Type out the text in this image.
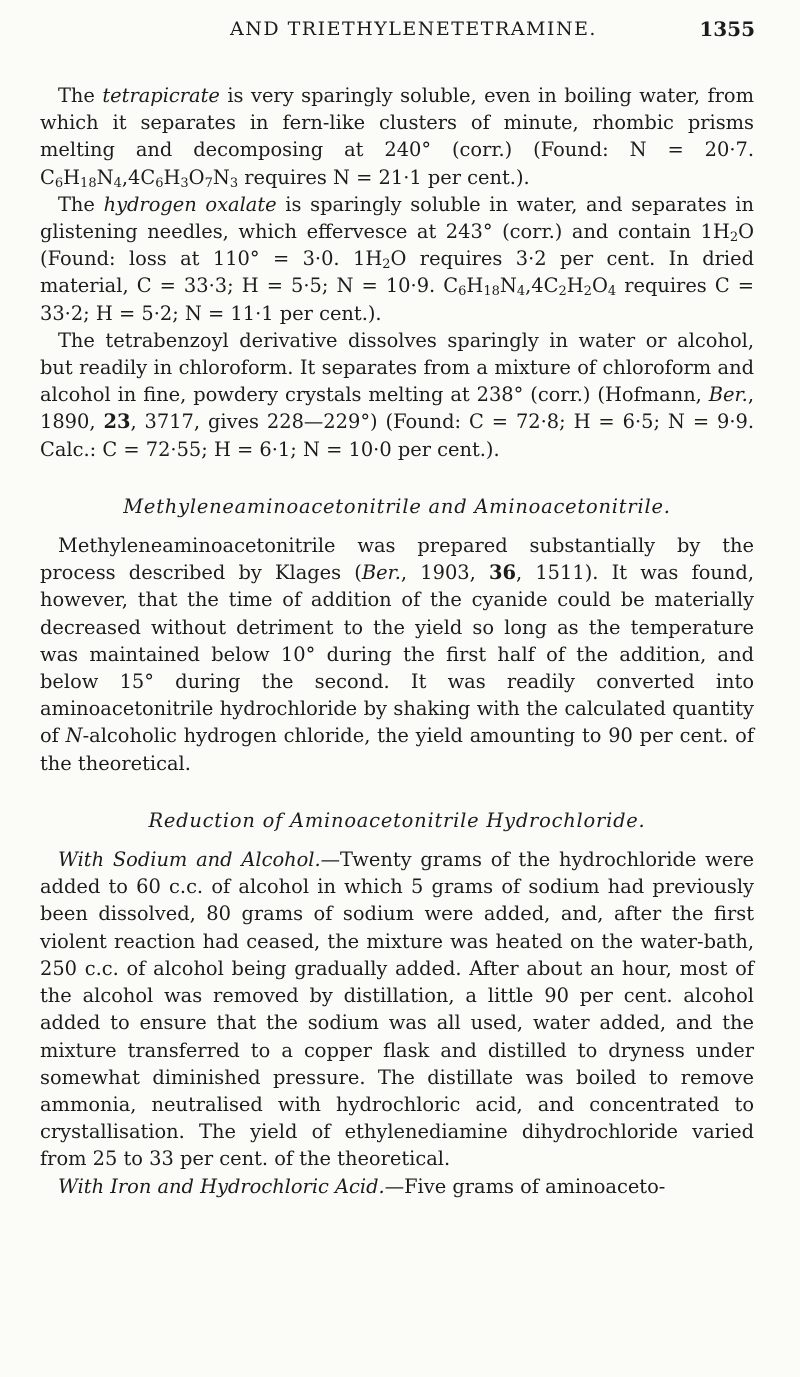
AND TRIETHYLENETETRAMINE.	1355

The tetrapicrate is very sparingly soluble, even in boiling water, from which it separates in fern-like clusters of minute, rhombic prisms melting and decomposing at 240° (corr.) (Found: N = 20·7. $C_6H_{18}N_4,4C_6H_3O_7N_3$ requires N = 21·1 per cent.).

The hydrogen oxalate is sparingly soluble in water, and separates in glistening needles, which effervesce at 243° (corr.) and contain $1H_2O$ (Found: loss at 110° = 3·0. $1H_2O$ requires 3·2 per cent. In dried material, C = 33·3; H = 5·5; N = 10·9. $C_6H_{18}N_4,4C_2H_2O_4$ requires C = 33·2; H = 5·2; N = 11·1 per cent.).

The tetrabenzoyl derivative dissolves sparingly in water or alcohol, but readily in chloroform. It separates from a mixture of chloroform and alcohol in fine, powdery crystals melting at 238° (corr.) (Hofmann, Ber., 1890, 23, 3717, gives 228—229°) (Found: C = 72·8; H = 6·5; N = 9·9. Calc.: C = 72·55; H = 6·1; N = 10·0 per cent.).

Methyleneaminoacetonitrile and Aminoacetonitrile.

Methyleneaminoacetonitrile was prepared substantially by the process described by Klages (Ber., 1903, 36, 1511). It was found, however, that the time of addition of the cyanide could be materially decreased without detriment to the yield so long as the temperature was maintained below 10° during the first half of the addition, and below 15° during the second. It was readily converted into aminoacetonitrile hydrochloride by shaking with the calculated quantity of N-alcoholic hydrogen chloride, the yield amounting to 90 per cent. of the theoretical.

Reduction of Aminoacetonitrile Hydrochloride.

With Sodium and Alcohol.—Twenty grams of the hydrochloride were added to 60 c.c. of alcohol in which 5 grams of sodium had previously been dissolved, 80 grams of sodium were added, and, after the first violent reaction had ceased, the mixture was heated on the water-bath, 250 c.c. of alcohol being gradually added. After about an hour, most of the alcohol was removed by distillation, a little 90 per cent. alcohol added to ensure that the sodium was all used, water added, and the mixture transferred to a copper flask and distilled to dryness under somewhat diminished pressure. The distillate was boiled to remove ammonia, neutralised with hydrochloric acid, and concentrated to crystallisation. The yield of ethylenediamine dihydrochloride varied from 25 to 33 per cent. of the theoretical.

With Iron and Hydrochloric Acid.—Five grams of aminoaceto-
